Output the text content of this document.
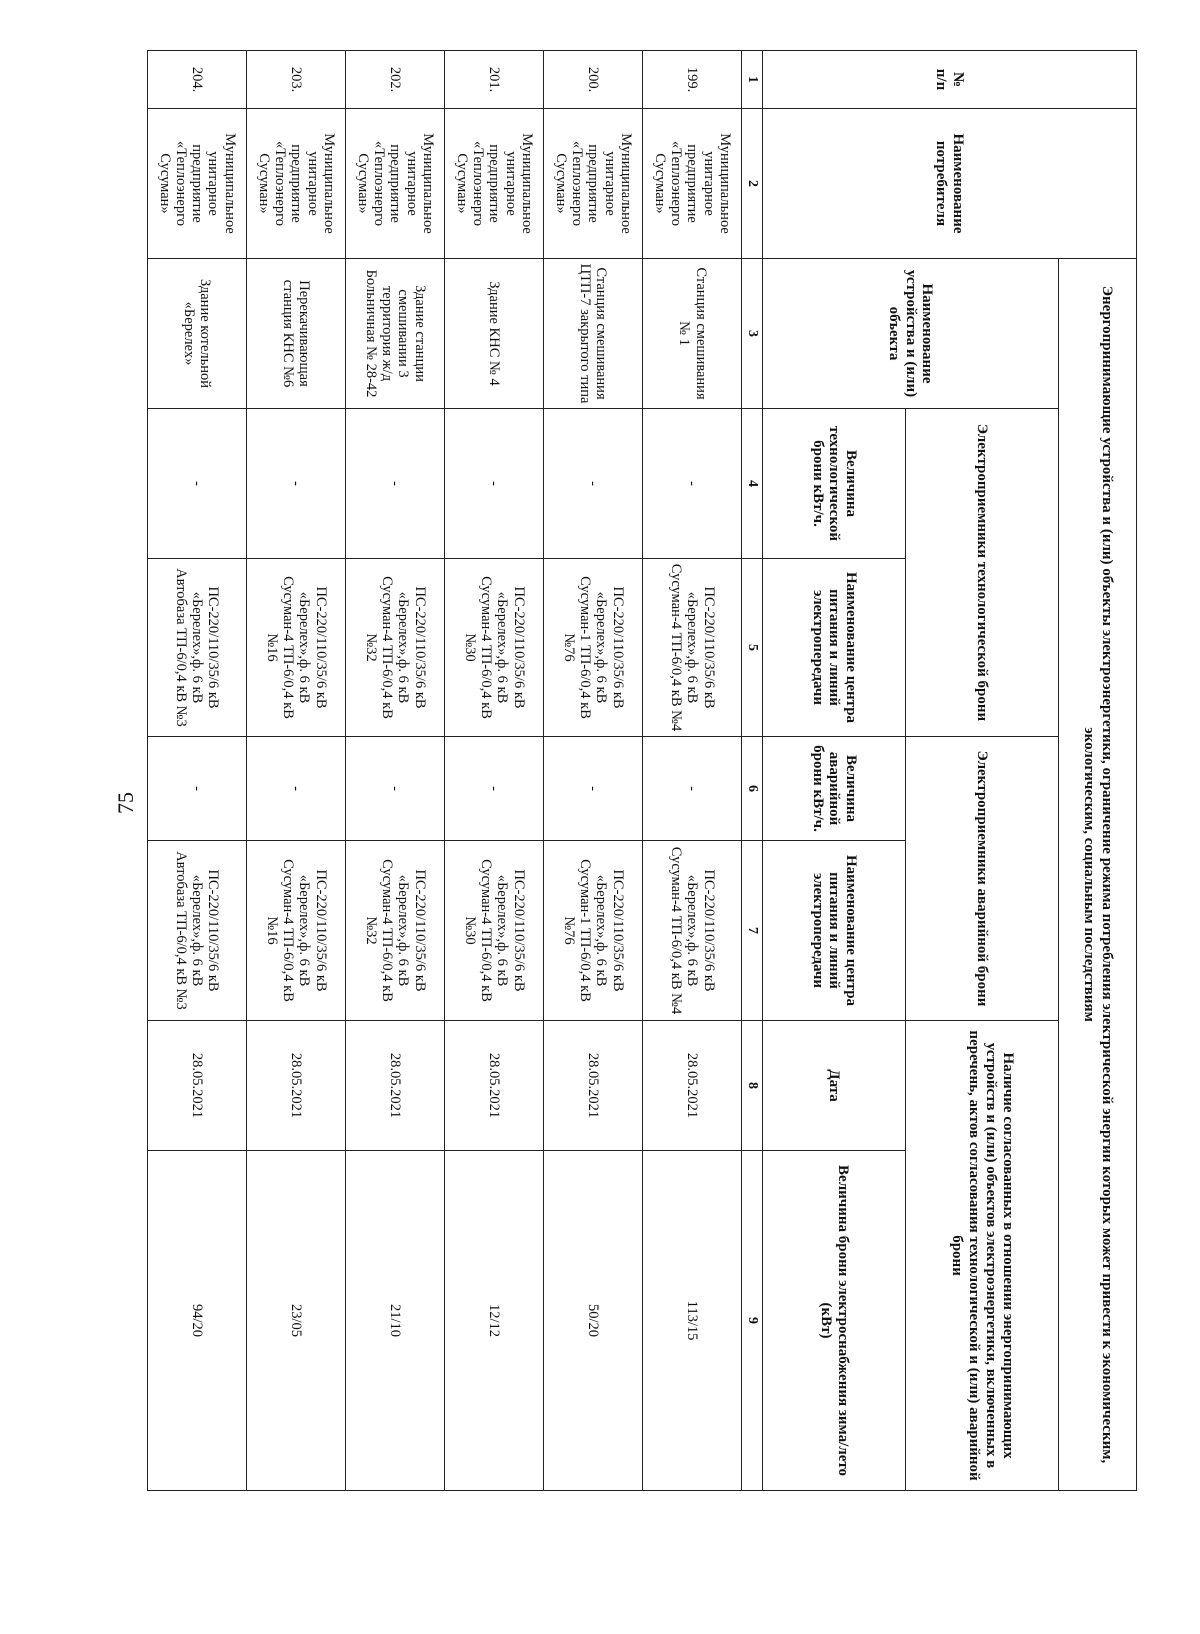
75
№
п/п	Наименование потребителя	Энергопринимающие устройства и (или) объекты электроэнергетики, ограничение режима потребления электрической энергии которых может привести к экономическим, экологическим, социальным последствиям						
		Наименование устройства и (или) объекта	Электроприемники технологической брони		Электроприемники аварийной брони		Наличие согласованных в отношении энергопринимающих устройств и (или) объектов электроэнергетики, включенных в перечень, актов согласования технологической и (или) аварийной брони	
			Величина технологической брони кВт/ч.	Наименование центра питания и линий электропередачи	Величина аварийной брони кВт/ч.	Наименование центра питания и линий электропередачи	Дата	Величина брони электроснабжения зима/лето (кВт)
1	2	3	4	5	6	7	8	9
199.	Муниципальное унитарное предприятие «Теплоэнерго Сусуман»	Станция смешивания № 1	-	ПС-220/110/35/6 кВ «Берелех»,ф. 6 кВ Сусуман-4 ТП-6/0,4 кВ №4	-	ПС-220/110/35/6 кВ «Берелех»,ф. 6 кВ Сусуман-4 ТП-6/0,4 кВ №4	28.05.2021	113/15
200.	Муниципальное унитарное предприятие «Теплоэнерго Сусуман»	Станция смешивания ЦТП-7 закрытого типа	-	ПС-220/110/35/6 кВ «Берелех»,ф. 6 кВ Сусуман-1 ТП-6/0,4 кВ №76	-	ПС-220/110/35/6 кВ «Берелех»,ф. 6 кВ Сусуман-1 ТП-6/0,4 кВ №76	28.05.2021	50/20
201.	Муниципальное унитарное предприятие «Теплоэнерго Сусуман»	Здание КНС № 4	-	ПС-220/110/35/6 кВ «Берелех»,ф. 6 кВ Сусуман-4 ТП-6/0,4 кВ №30	-	ПС-220/110/35/6 кВ «Берелех»,ф. 6 кВ Сусуман-4 ТП-6/0,4 кВ №30	28.05.2021	12/12
202.	Муниципальное унитарное предприятие «Теплоэнерго Сусуман»	Здание станции смешивании 3 территория ж/д Больничная № 28-42	-	ПС-220/110/35/6 кВ «Берелех»,ф. 6 кВ Сусуман-4 ТП-6/0,4 кВ №32	-	ПС-220/110/35/6 кВ «Берелех»,ф. 6 кВ Сусуман-4 ТП-6/0,4 кВ №32	28.05.2021	21/10
203.	Муниципальное унитарное предприятие «Теплоэнерго Сусуман»	Перекачивающая станция КНС №6	-	ПС-220/110/35/6 кВ «Берелех»,ф. 6 кВ Сусуман-4 ТП-6/0,4 кВ №16	-	ПС-220/110/35/6 кВ «Берелех»,ф. 6 кВ Сусуман-4 ТП-6/0,4 кВ №16	28.05.2021	23/05
204.	Муниципальное унитарное предприятие «Теплоэнерго Сусуман»	Здание котельной «Берелех»	-	ПС-220/110/35/6 кВ «Берелех»,ф. 6 кВ Автобаза ТП-6/0,4 кВ №3	-	ПС-220/110/35/6 кВ «Берелех»,ф. 6 кВ Автобаза ТП-6/0,4 кВ №3	28.05.2021	94/20
